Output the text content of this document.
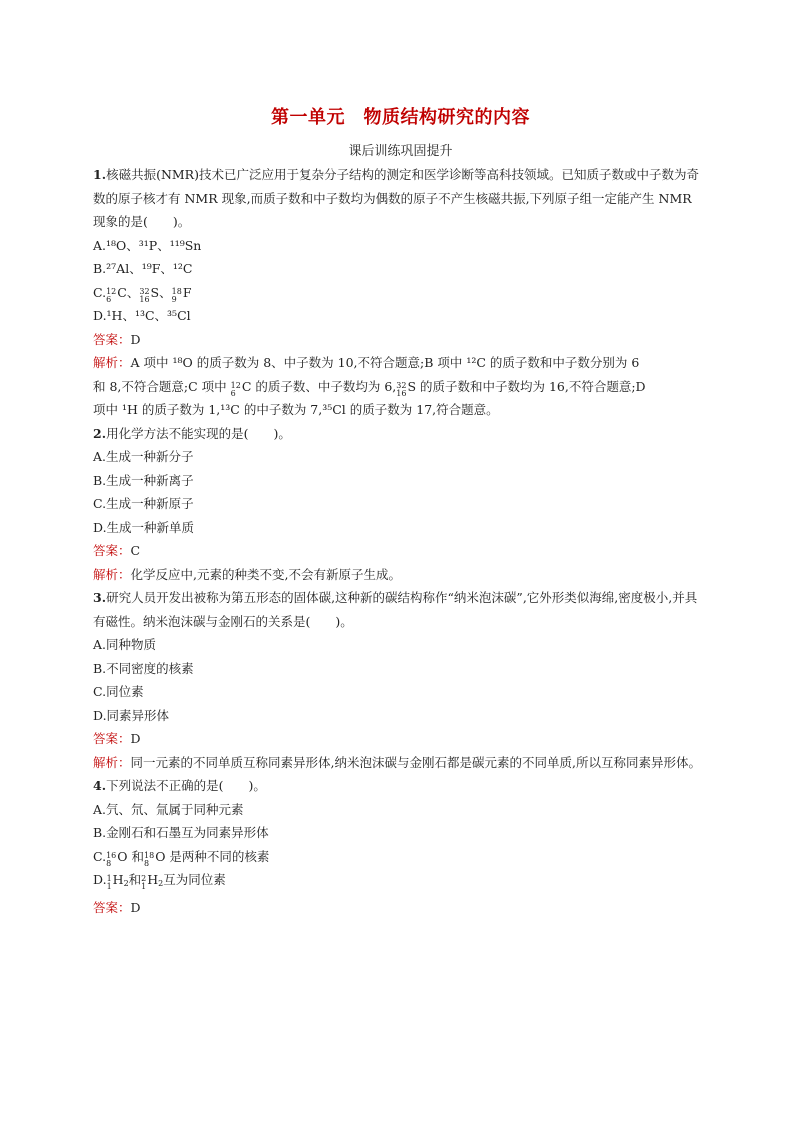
第一单元　物质结构研究的内容
课后训练巩固提升
1.核磁共振(NMR)技术已广泛应用于复杂分子结构的测定和医学诊断等高科技领域。已知质子数或中子数为奇数的原子核才有 NMR 现象,而质子数和中子数均为偶数的原子不产生核磁共振,下列原子组一定能产生 NMR 现象的是(　　)。
A.¹⁸O、³¹P、¹¹⁹Sn
B.²⁷Al、¹⁹F、¹²C
C. 12
6 C、 32
16 S、 18
9 F
D.¹H、¹³C、³⁵Cl
答案：D
解析：A 项中 ¹⁸O 的质子数为 8、中子数为 10,不符合题意;B 项中 ¹²C 的质子数和中子数分别为 6
和 8,不符合题意;C 项中 12
6 C 的质子数、中子数均为 6, 32
16 S 的质子数和中子数均为 16,不符合题意;D
项中 ¹H 的质子数为 1,¹³C 的中子数为 7,³⁵Cl 的质子数为 17,符合题意。
2.用化学方法不能实现的是(　　)。
A.生成一种新分子
B.生成一种新离子
C.生成一种新原子
D.生成一种新单质
答案：C
解析：化学反应中,元素的种类不变,不会有新原子生成。
3.研究人员开发出被称为第五形态的固体碳,这种新的碳结构称作“纳米泡沫碳”,它外形类似海绵,密度极小,并具有磁性。纳米泡沫碳与金刚石的关系是(　　)。
A.同种物质
B.不同密度的核素
C.同位素
D.同素异形体
答案：D
解析：同一元素的不同单质互称同素异形体,纳米泡沫碳与金刚石都是碳元素的不同单质,所以互称同素异形体。
4.下列说法不正确的是(　　)。
A.氕、氘、氚属于同种元素
B.金刚石和石墨互为同素异形体
C. 16
8 O 和 18
8 O 是两种不同的核素
D. 1
1 $H_2$和 2
1 $H_2$互为同位素
答案：D
